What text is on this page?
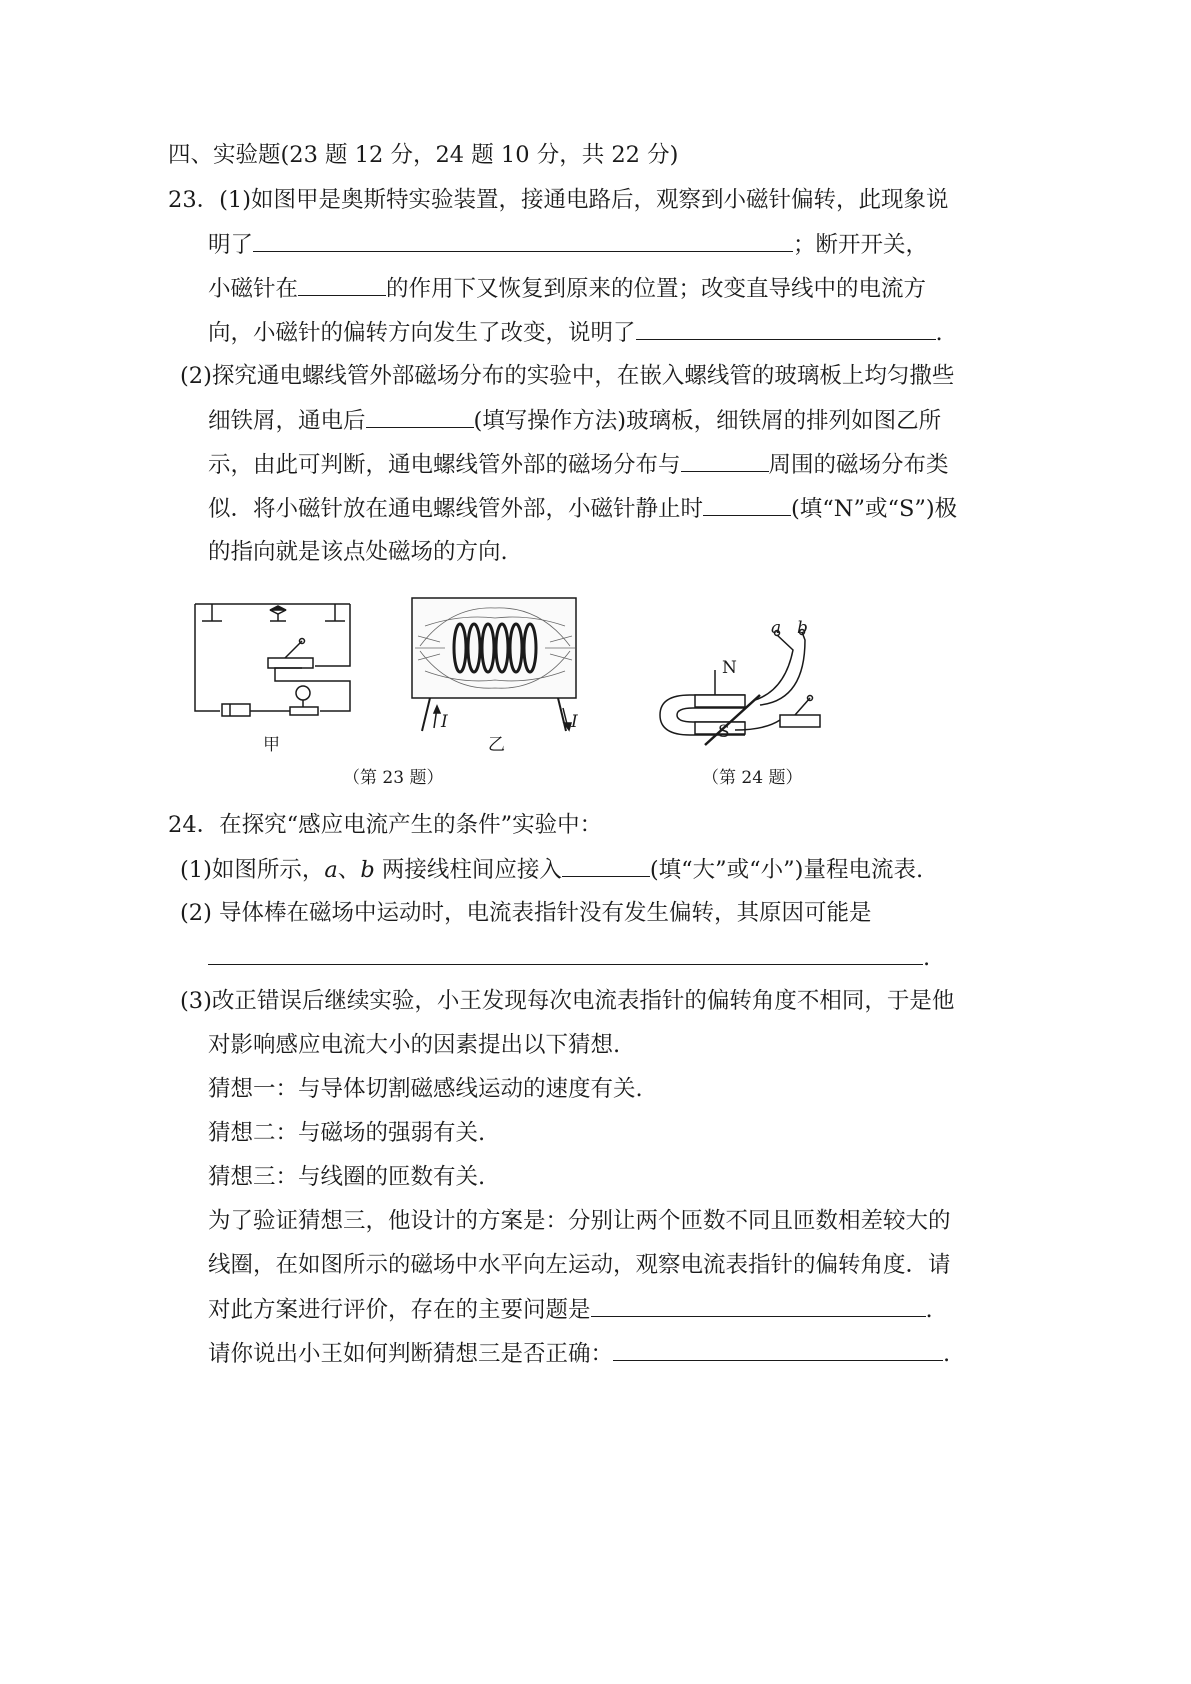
四、实验题(23 题 12 分，24 题 10 分，共 22 分)
23．(1)如图甲是奥斯特实验装置，接通电路后，观察到小磁针偏转，此现象说
明了	；断开开关，
小磁针在	的作用下又恢复到原来的位置；改变直导线中的电流方
向，小磁针的偏转方向发生了改变，说明了	.
(2)探究通电螺线管外部磁场分布的实验中，在嵌入螺线管的玻璃板上均匀撒些
细铁屑，通电后	(填写操作方法)玻璃板，细铁屑的排列如图乙所
示，由此可判断，通电螺线管外部的磁场分布与	周围的磁场分布类
似．将小磁针放在通电螺线管外部，小磁针静止时	(填“N”或“S”)极
的指向就是该点处磁场的方向.
甲
I	I
乙
（第 23 题）
a b
N
S
（第 24 题）
24．在探究“感应电流产生的条件”实验中：
(1)如图所示，a、b 两接线柱间应接入	(填“大”或“小”)量程电流表.
(2) 导体棒在磁场中运动时，电流表指针没有发生偏转，其原因可能是
.
(3)改正错误后继续实验，小王发现每次电流表指针的偏转角度不相同，于是他
对影响感应电流大小的因素提出以下猜想.
猜想一：与导体切割磁感线运动的速度有关.
猜想二：与磁场的强弱有关.
猜想三：与线圈的匝数有关.
为了验证猜想三，他设计的方案是：分别让两个匝数不同且匝数相差较大的
线圈，在如图所示的磁场中水平向左运动，观察电流表指针的偏转角度．请
对此方案进行评价，存在的主要问题是	.
请你说出小王如何判断猜想三是否正确：	.
